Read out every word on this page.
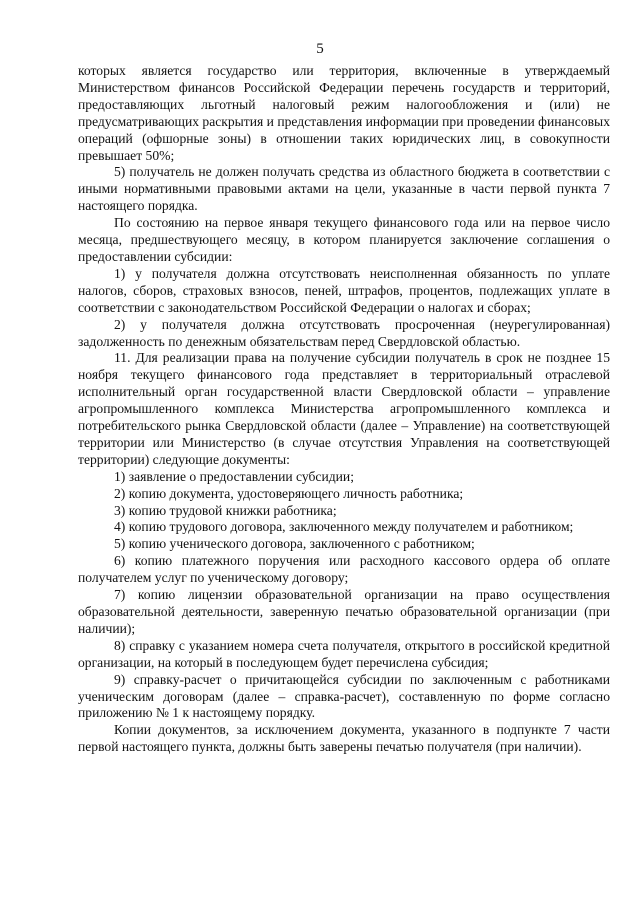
5

которых является государство или территория, включенные в утверждаемый Министерством финансов Российской Федерации перечень государств и территорий, предоставляющих льготный налоговый режим налогообложения и (или) не предусматривающих раскрытия и представления информации при проведении финансовых операций (офшорные зоны) в отношении таких юридических лиц, в совокупности превышает 50%;

5) получатель не должен получать средства из областного бюджета в соответствии с иными нормативными правовыми актами на цели, указанные в части первой пункта 7 настоящего порядка.

По состоянию на первое января текущего финансового года или на первое число месяца, предшествующего месяцу, в котором планируется заключение соглашения о предоставлении субсидии:

1) у получателя должна отсутствовать неисполненная обязанность по уплате налогов, сборов, страховых взносов, пеней, штрафов, процентов, подлежащих уплате в соответствии с законодательством Российской Федерации о налогах и сборах;

2) у получателя должна отсутствовать просроченная (неурегулированная) задолженность по денежным обязательствам перед Свердловской областью.

11. Для реализации права на получение субсидии получатель в срок не позднее 15 ноября текущего финансового года представляет в территориальный отраслевой исполнительный орган государственной власти Свердловской области – управление агропромышленного комплекса Министерства агропромышленного комплекса и потребительского рынка Свердловской области (далее – Управление) на соответствующей территории или Министерство (в случае отсутствия Управления на соответствующей территории) следующие документы:

1) заявление о предоставлении субсидии;

2) копию документа, удостоверяющего личность работника;

3) копию трудовой книжки работника;

4) копию трудового договора, заключенного между получателем и работником;

5) копию ученического договора, заключенного с работником;

6) копию платежного поручения или расходного кассового ордера об оплате получателем услуг по ученическому договору;

7) копию лицензии образовательной организации на право осуществления образовательной деятельности, заверенную печатью образовательной организации (при наличии);

8) справку с указанием номера счета получателя, открытого в российской кредитной организации, на который в последующем будет перечислена субсидия;

9) справку-расчет о причитающейся субсидии по заключенным с работниками ученическим договорам (далее – справка-расчет), составленную по форме согласно приложению № 1 к настоящему порядку.

Копии документов, за исключением документа, указанного в подпункте 7 части первой настоящего пункта, должны быть заверены печатью получателя (при наличии).
